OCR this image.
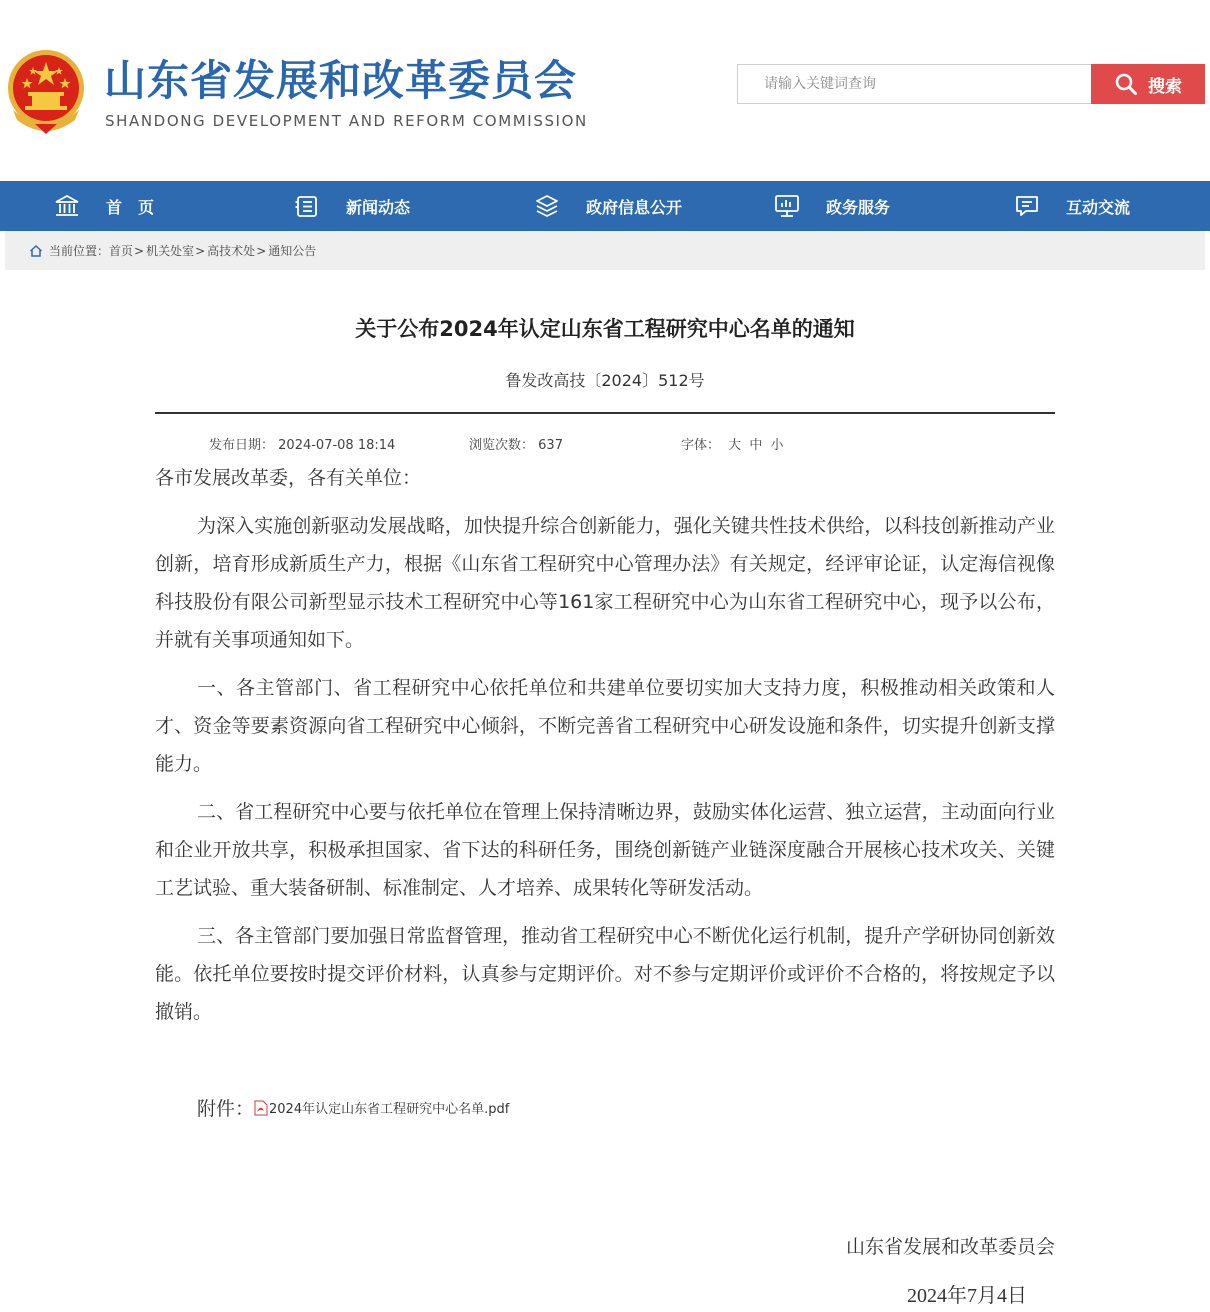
山东省发展和改革委员会
SHANDONG DEVELOPMENT AND REFORM COMMISSION
请输入关键词查询
搜索
首　页	新闻动态	政府信息公开	政务服务	互动交流
当前位置： 首页 > 机关处室 > 高技术处 > 通知公告
关于公布2024年认定山东省工程研究中心名单的通知
鲁发改高技〔2024〕512号
发布日期： 2024-07-08 18:14	浏览次数： 637	字体： 大 中 小
各市发展改革委，各有关单位：
为深入实施创新驱动发展战略，加快提升综合创新能力，强化关键共性技术供给，以科技创新推动产业创新，培育形成新质生产力，根据《山东省工程研究中心管理办法》有关规定，经评审论证，认定海信视像科技股份有限公司新型显示技术工程研究中心等161家工程研究中心为山东省工程研究中心，现予以公布，并就有关事项通知如下。
一、各主管部门、省工程研究中心依托单位和共建单位要切实加大支持力度，积极推动相关政策和人才、资金等要素资源向省工程研究中心倾斜，不断完善省工程研究中心研发设施和条件，切实提升创新支撑能力。
二、省工程研究中心要与依托单位在管理上保持清晰边界，鼓励实体化运营、独立运营，主动面向行业和企业开放共享，积极承担国家、省下达的科研任务，围绕创新链产业链深度融合开展核心技术攻关、关键工艺试验、重大装备研制、标准制定、人才培养、成果转化等研发活动。
三、各主管部门要加强日常监督管理，推动省工程研究中心不断优化运行机制，提升产学研协同创新效能。依托单位要按时提交评价材料，认真参与定期评价。对不参与定期评价或评价不合格的，将按规定予以撤销。
附件： 2024年认定山东省工程研究中心名单.pdf
山东省发展和改革委员会
2024年7月4日
